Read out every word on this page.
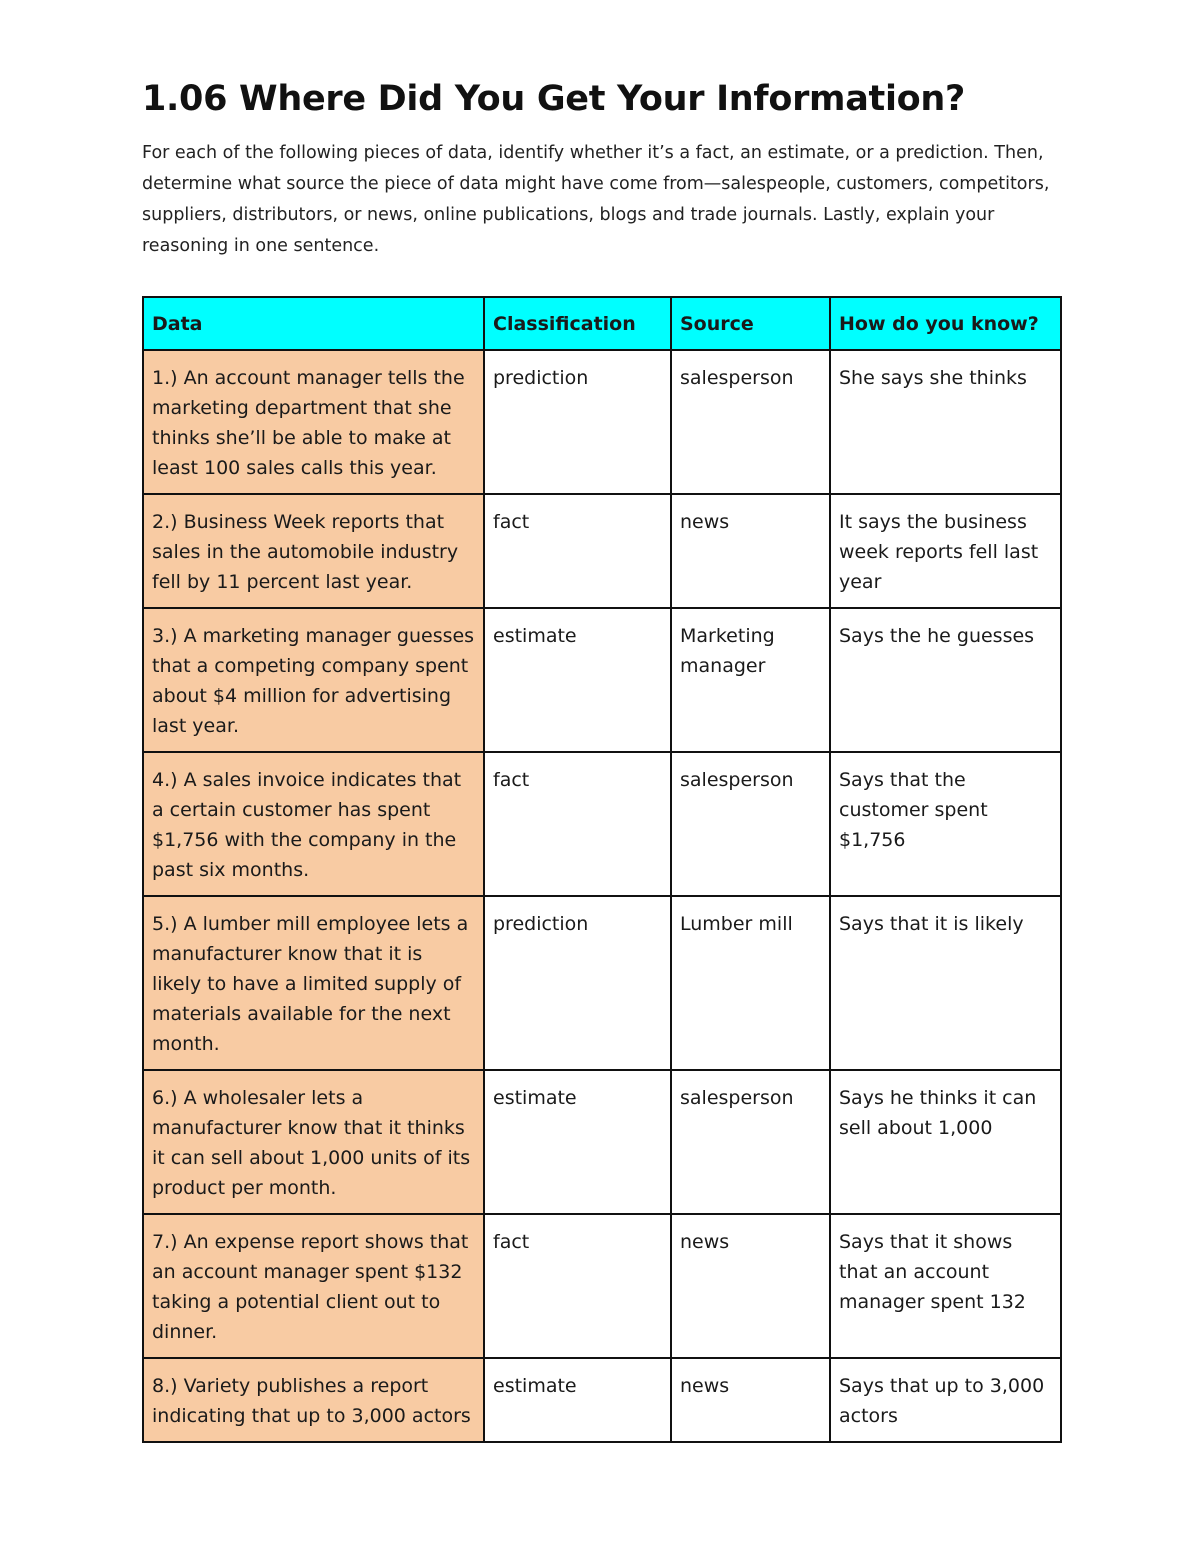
1.06 Where Did You Get Your Information?

For each of the following pieces of data, identify whether it’s a fact, an estimate, or a prediction. Then, determine what source the piece of data might have come from—salespeople, customers, competitors, suppliers, distributors, or news, online publications, blogs and trade journals. Lastly, explain your reasoning in one sentence.

Data	Classification	Source	How do you know?
1.) An account manager tells the marketing department that she thinks she’ll be able to make at least 100 sales calls this year.	prediction	salesperson	She says she thinks
2.) Business Week reports that sales in the automobile industry fell by 11 percent last year.	fact	news	It says the business week reports fell last year
3.) A marketing manager guesses that a competing company spent about $4 million for advertising last year.	estimate	Marketing manager	Says the he guesses
4.) A sales invoice indicates that a certain customer has spent $1,756 with the company in the past six months.	fact	salesperson	Says that the customer spent $1,756
5.) A lumber mill employee lets a manufacturer know that it is likely to have a limited supply of materials available for the next month.	prediction	Lumber mill	Says that it is likely
6.) A wholesaler lets a manufacturer know that it thinks it can sell about 1,000 units of its product per month.	estimate	salesperson	Says he thinks it can sell about 1,000
7.) An expense report shows that an account manager spent $132 taking a potential client out to dinner.	fact	news	Says that it shows that an account manager spent 132
8.) Variety publishes a report indicating that up to 3,000 actors	estimate	news	Says that up to 3,000 actors
